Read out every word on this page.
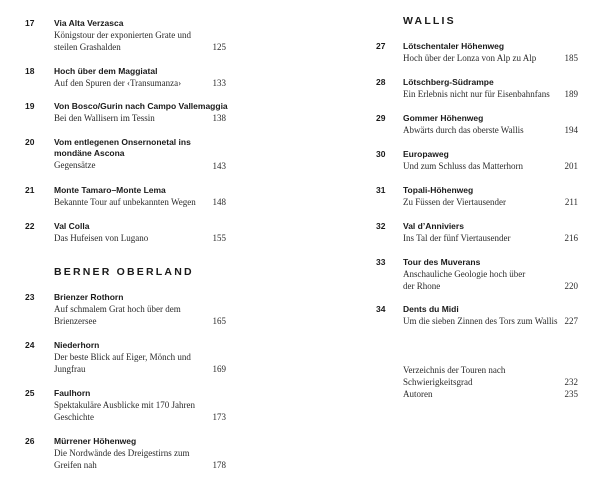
17 Via Alta Verzasca
Königstour der exponierten Grate und
steilen Grashalden	125
18 Hoch über dem Maggiatal
Auf den Spuren der ‹Transumanza›	133
19 Von Bosco/Gurin nach Campo Vallemaggia
Bei den Wallisern im Tessin	138
20 Vom entlegenen Onsernonetal ins
mondäne Ascona
Gegensätze	143
21 Monte Tamaro–Monte Lema
Bekannte Tour auf unbekannten Wegen	148
22 Val Colla
Das Hufeisen von Lugano	155
BERNER OBERLAND
23 Brienzer Rothorn
Auf schmalem Grat hoch über dem
Brienzersee	165
24 Niederhorn
Der beste Blick auf Eiger, Mönch und
Jungfrau	169
25 Faulhorn
Spektakuläre Ausblicke mit 170 Jahren
Geschichte	173
26 Mürrener Höhenweg
Die Nordwände des Dreigestirns zum
Greifen nah	178
WALLIS
27 Lötschentaler Höhenweg
Hoch über der Lonza von Alp zu Alp	185
28 Lötschberg-Südrampe
Ein Erlebnis nicht nur für Eisenbahnfans	189
29 Gommer Höhenweg
Abwärts durch das oberste Wallis	194
30 Europaweg
Und zum Schluss das Matterhorn	201
31 Topali-Höhenweg
Zu Füssen der Viertausender	211
32 Val d’Anniviers
Ins Tal der fünf Viertausender	216
33 Tour des Muverans
Anschauliche Geologie hoch über
der Rhone	220
34 Dents du Midi
Um die sieben Zinnen des Tors zum Wallis 227
Verzeichnis der Touren nach
Schwierigkeitsgrad	232
Autoren	235
